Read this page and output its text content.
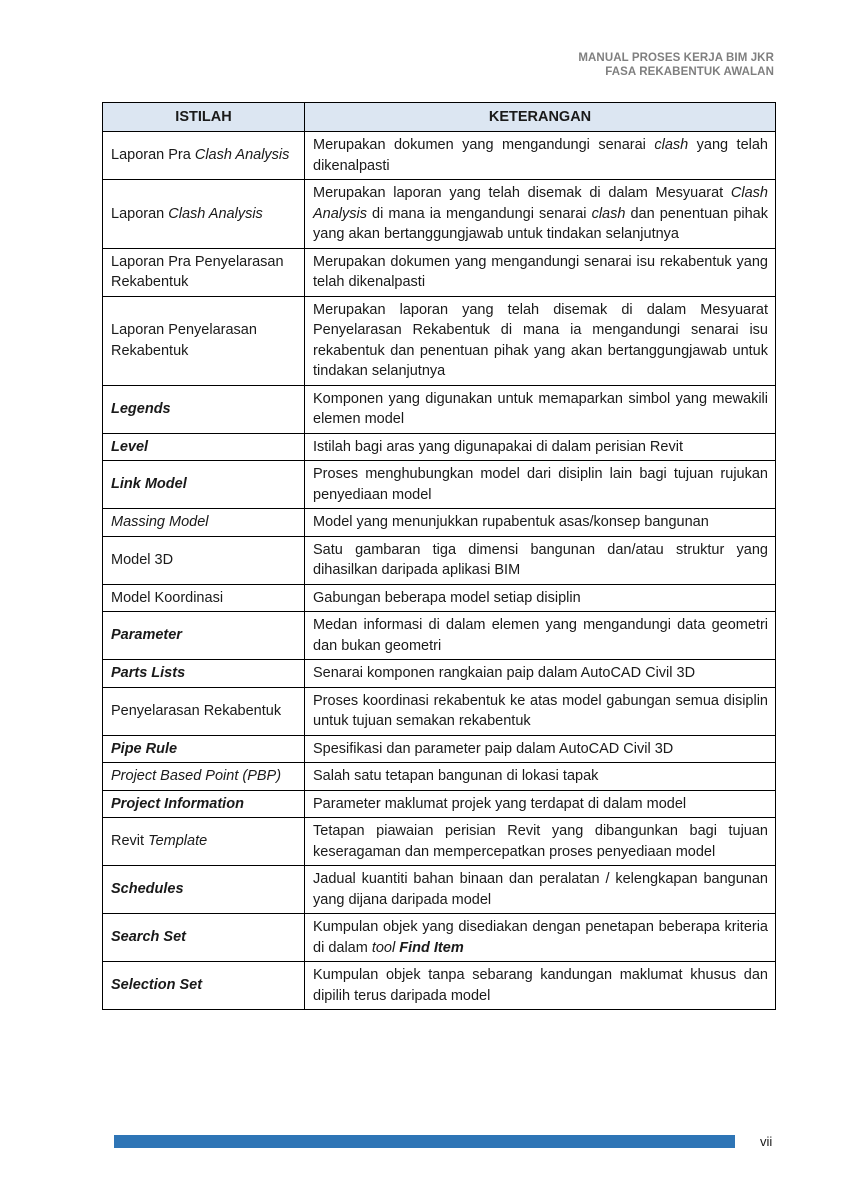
MANUAL PROSES KERJA BIM JKR
FASA REKABENTUK AWALAN
ISTILAH	KETERANGAN
Laporan Pra Clash Analysis	Merupakan dokumen yang mengandungi senarai clash yang telah dikenalpasti
Laporan Clash Analysis	Merupakan laporan yang telah disemak di dalam Mesyuarat Clash Analysis di mana ia mengandungi senarai clash dan penentuan pihak yang akan bertanggungjawab untuk tindakan selanjutnya
Laporan Pra Penyelarasan Rekabentuk	Merupakan dokumen yang mengandungi senarai isu rekabentuk yang telah dikenalpasti
Laporan Penyelarasan Rekabentuk	Merupakan laporan yang telah disemak di dalam Mesyuarat Penyelarasan Rekabentuk di mana ia mengandungi senarai isu rekabentuk dan penentuan pihak yang akan bertanggungjawab untuk tindakan selanjutnya
Legends	Komponen yang digunakan untuk memaparkan simbol yang mewakili elemen model
Level	Istilah bagi aras yang digunapakai di dalam perisian Revit
Link Model	Proses menghubungkan model dari disiplin lain bagi tujuan rujukan penyediaan model
Massing Model	Model yang menunjukkan rupabentuk asas/konsep bangunan
Model 3D	Satu gambaran tiga dimensi bangunan dan/atau struktur yang dihasilkan daripada aplikasi BIM
Model Koordinasi	Gabungan beberapa model setiap disiplin
Parameter	Medan informasi di dalam elemen yang mengandungi data geometri dan bukan geometri
Parts Lists	Senarai komponen rangkaian paip dalam AutoCAD Civil 3D
Penyelarasan Rekabentuk	Proses koordinasi rekabentuk ke atas model gabungan semua disiplin untuk tujuan semakan rekabentuk
Pipe Rule	Spesifikasi dan parameter paip dalam AutoCAD Civil 3D
Project Based Point (PBP)	Salah satu tetapan bangunan di lokasi tapak
Project Information	Parameter maklumat projek yang terdapat di dalam model
Revit Template	Tetapan piawaian perisian Revit yang dibangunkan bagi tujuan keseragaman dan mempercepatkan proses penyediaan model
Schedules	Jadual kuantiti bahan binaan dan peralatan / kelengkapan bangunan yang dijana daripada model
Search Set	Kumpulan objek yang disediakan dengan penetapan beberapa kriteria di dalam tool Find Item
Selection Set	Kumpulan objek tanpa sebarang kandungan maklumat khusus dan dipilih terus daripada model
vii
